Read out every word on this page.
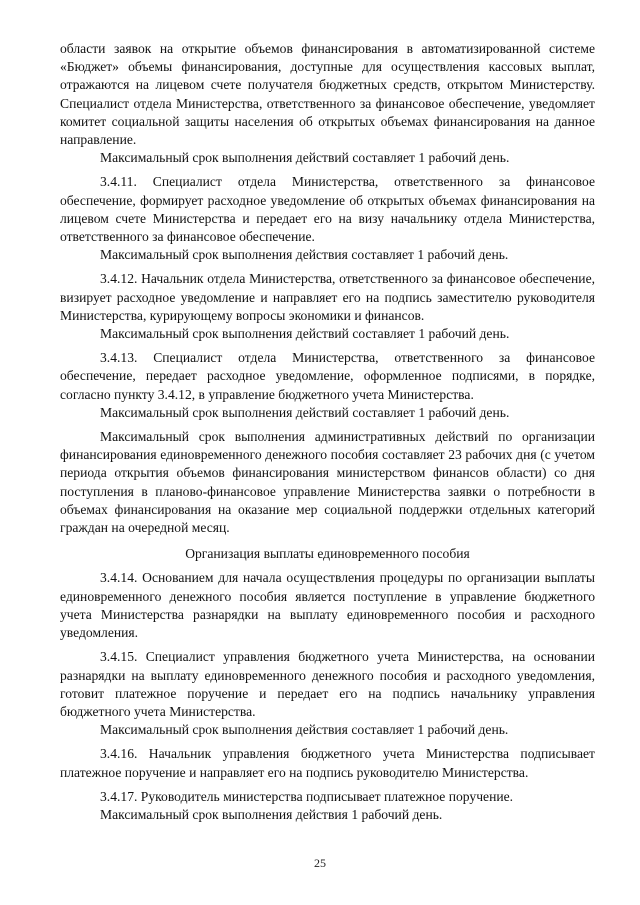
области заявок на открытие объемов финансирования в автоматизированной системе «Бюджет» объемы финансирования, доступные для осуществления кассовых выплат, отражаются на лицевом счете получателя бюджетных средств, открытом Министерству. Специалист отдела Министерства, ответственного за финансовое обеспечение, уведомляет комитет социальной защиты населения об открытых объемах финансирования на данное направление.

Максимальный срок выполнения действий составляет 1 рабочий день.

3.4.11. Специалист отдела Министерства, ответственного за финансовое обеспечение, формирует расходное уведомление об открытых объемах финансирования на лицевом счете Министерства и передает его на визу начальнику отдела Министерства, ответственного за финансовое обеспечение.

Максимальный срок выполнения действия составляет 1 рабочий день.

3.4.12. Начальник отдела Министерства, ответственного за финансовое обеспечение, визирует расходное уведомление и направляет его на подпись заместителю руководителя Министерства, курирующему вопросы экономики и финансов.

Максимальный срок выполнения действий составляет 1 рабочий день.

3.4.13. Специалист отдела Министерства, ответственного за финансовое обеспечение, передает расходное уведомление, оформленное подписями, в порядке, согласно пункту 3.4.12, в управление бюджетного учета Министерства.

Максимальный срок выполнения действий составляет 1 рабочий день.

Максимальный срок выполнения административных действий по организации финансирования единовременного денежного пособия составляет 23 рабочих дня (с учетом периода открытия объемов финансирования министерством финансов области) со дня поступления в планово-финансовое управление Министерства заявки о потребности в объемах финансирования на оказание мер социальной поддержки отдельных категорий граждан на очередной месяц.

Организация выплаты единовременного пособия

3.4.14. Основанием для начала осуществления процедуры по организации выплаты единовременного денежного пособия является поступление в управление бюджетного учета Министерства разнарядки на выплату единовременного пособия и расходного уведомления.

3.4.15. Специалист управления бюджетного учета Министерства, на основании разнарядки на выплату единовременного денежного пособия и расходного уведомления, готовит платежное поручение и передает его на подпись начальнику управления бюджетного учета Министерства.

Максимальный срок выполнения действия составляет 1 рабочий день.

3.4.16. Начальник управления бюджетного учета Министерства подписывает платежное поручение и направляет его на подпись руководителю Министерства.

3.4.17. Руководитель министерства подписывает платежное поручение.

Максимальный срок выполнения действия 1 рабочий день.

25
